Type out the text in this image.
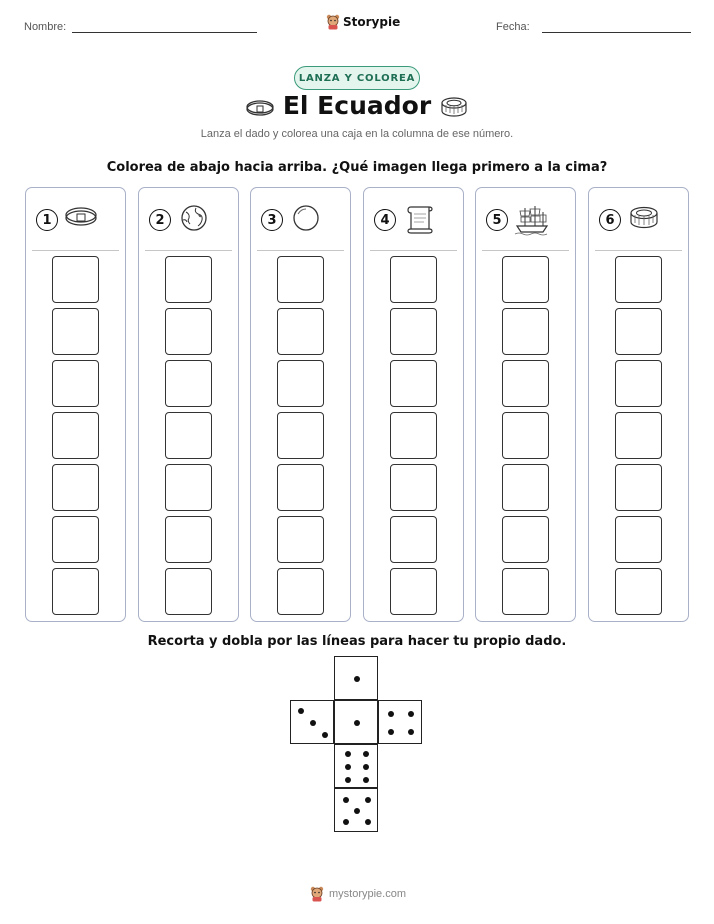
Nombre:	Storypie	Fecha:
LANZA Y COLOREA
El Ecuador
Lanza el dado y colorea una caja en la columna de ese número.
Colorea de abajo hacia arriba. ¿Qué imagen llega primero a la cima?
1	2	3	4	5	6
Recorta y dobla por las líneas para hacer tu propio dado.
mystorypie.com
